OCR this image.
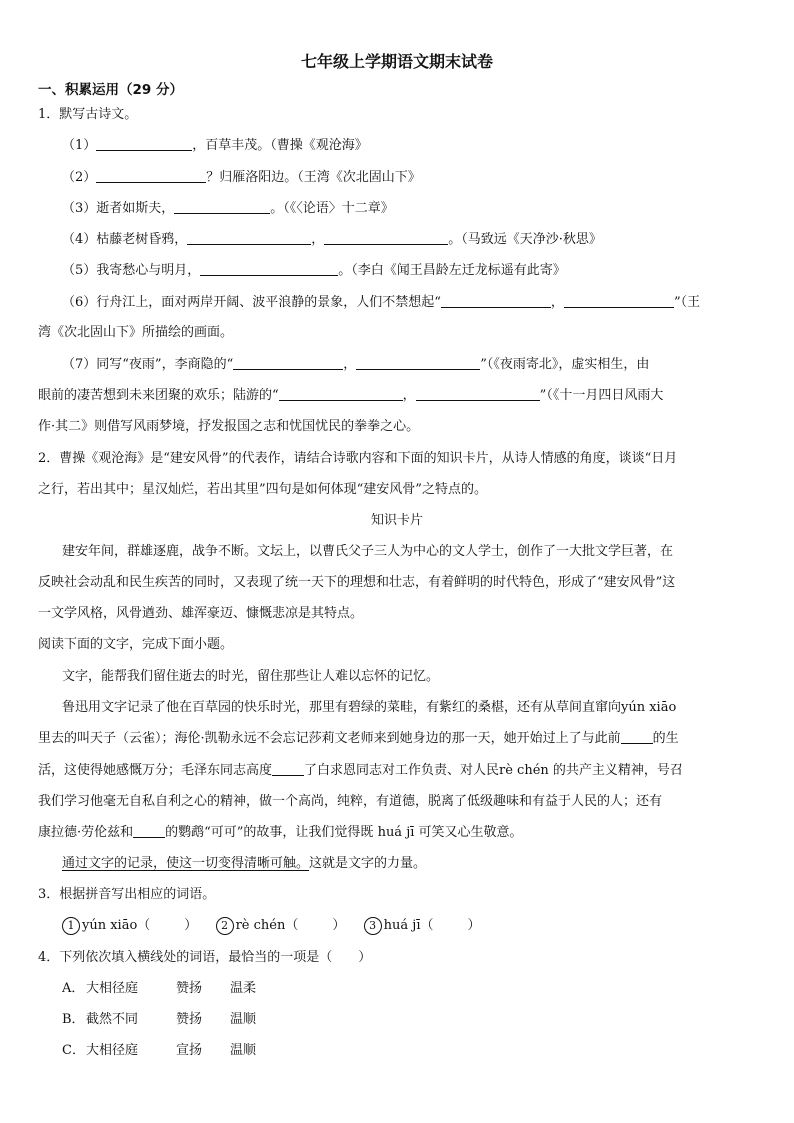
七年级上学期语文期末试卷
一、积累运用（29 分）
1．默写古诗文。
（1）	，百草丰茂。（曹操《观沧海》
（2）	？归雁洛阳边。（王湾《次北固山下》
（3）逝者如斯夫，	。（《〈论语〉十二章》
（4）枯藤老树昏鸦，	，	。（马致远《天净沙·秋思》
（5）我寄愁心与明月，	。（李白《闻王昌龄左迁龙标遥有此寄》
（6）行舟江上，面对两岸开阔、波平浪静的景象，人们不禁想起“	，	”（王
湾《次北固山下》所描绘的画面。
（7）同写“夜雨”，李商隐的“	，	”（《夜雨寄北》，虚实相生，由
眼前的凄苦想到未来团聚的欢乐；陆游的“	，	”（《十一月四日风雨大
作·其二》则借写风雨梦境，抒发报国之志和忧国忧民的拳拳之心。
2．曹操《观沧海》是“建安风骨”的代表作，请结合诗歌内容和下面的知识卡片，从诗人情感的角度，谈谈“日月
之行，若出其中；星汉灿烂，若出其里”四句是如何体现“建安风骨”之特点的。
知识卡片
建安年间，群雄逐鹿，战争不断。文坛上，以曹氏父子三人为中心的文人学士，创作了一大批文学巨著，在
反映社会动乱和民生疾苦的同时，又表现了统一天下的理想和壮志，有着鲜明的时代特色，形成了“建安风骨”这
一文学风格，风骨遒劲、雄浑豪迈、慷慨悲凉是其特点。
阅读下面的文字，完成下面小题。
文字，能帮我们留住逝去的时光，留住那些让人难以忘怀的记忆。
鲁迅用文字记录了他在百草园的快乐时光，那里有碧绿的菜畦，有紫红的桑椹，还有从草间直窜向yún xiāo
里去的叫天子（云雀）；海伦·凯勒永远不会忘记莎莉文老师来到她身边的那一天，她开始过上了与此前 的生
活，这使得她感慨万分；毛泽东同志高度 了白求恩同志对工作负责、对人民rè chén 的共产主义精神，号召
我们学习他毫无自私自利之心的精神，做一个高尚，纯粹，有道德，脱离了低级趣味和有益于人民的人；还有
康拉德·劳伦兹和 的鹦鹉“可可”的故事，让我们觉得既 huá jī 可笑又心生敬意。
通过文字的记录，使这一切变得清晰可触。这就是文字的力量。
3．根据拼音写出相应的词语。
1 yún xiāo（	） 2 rè chén（	） 3 huá jī（	）
4．下列依次填入横线处的词语，最恰当的一项是（　　）
A． 大相径庭	赞扬 温柔
B．截然不同	赞扬 温顺
C．大相径庭	宣扬 温顺
